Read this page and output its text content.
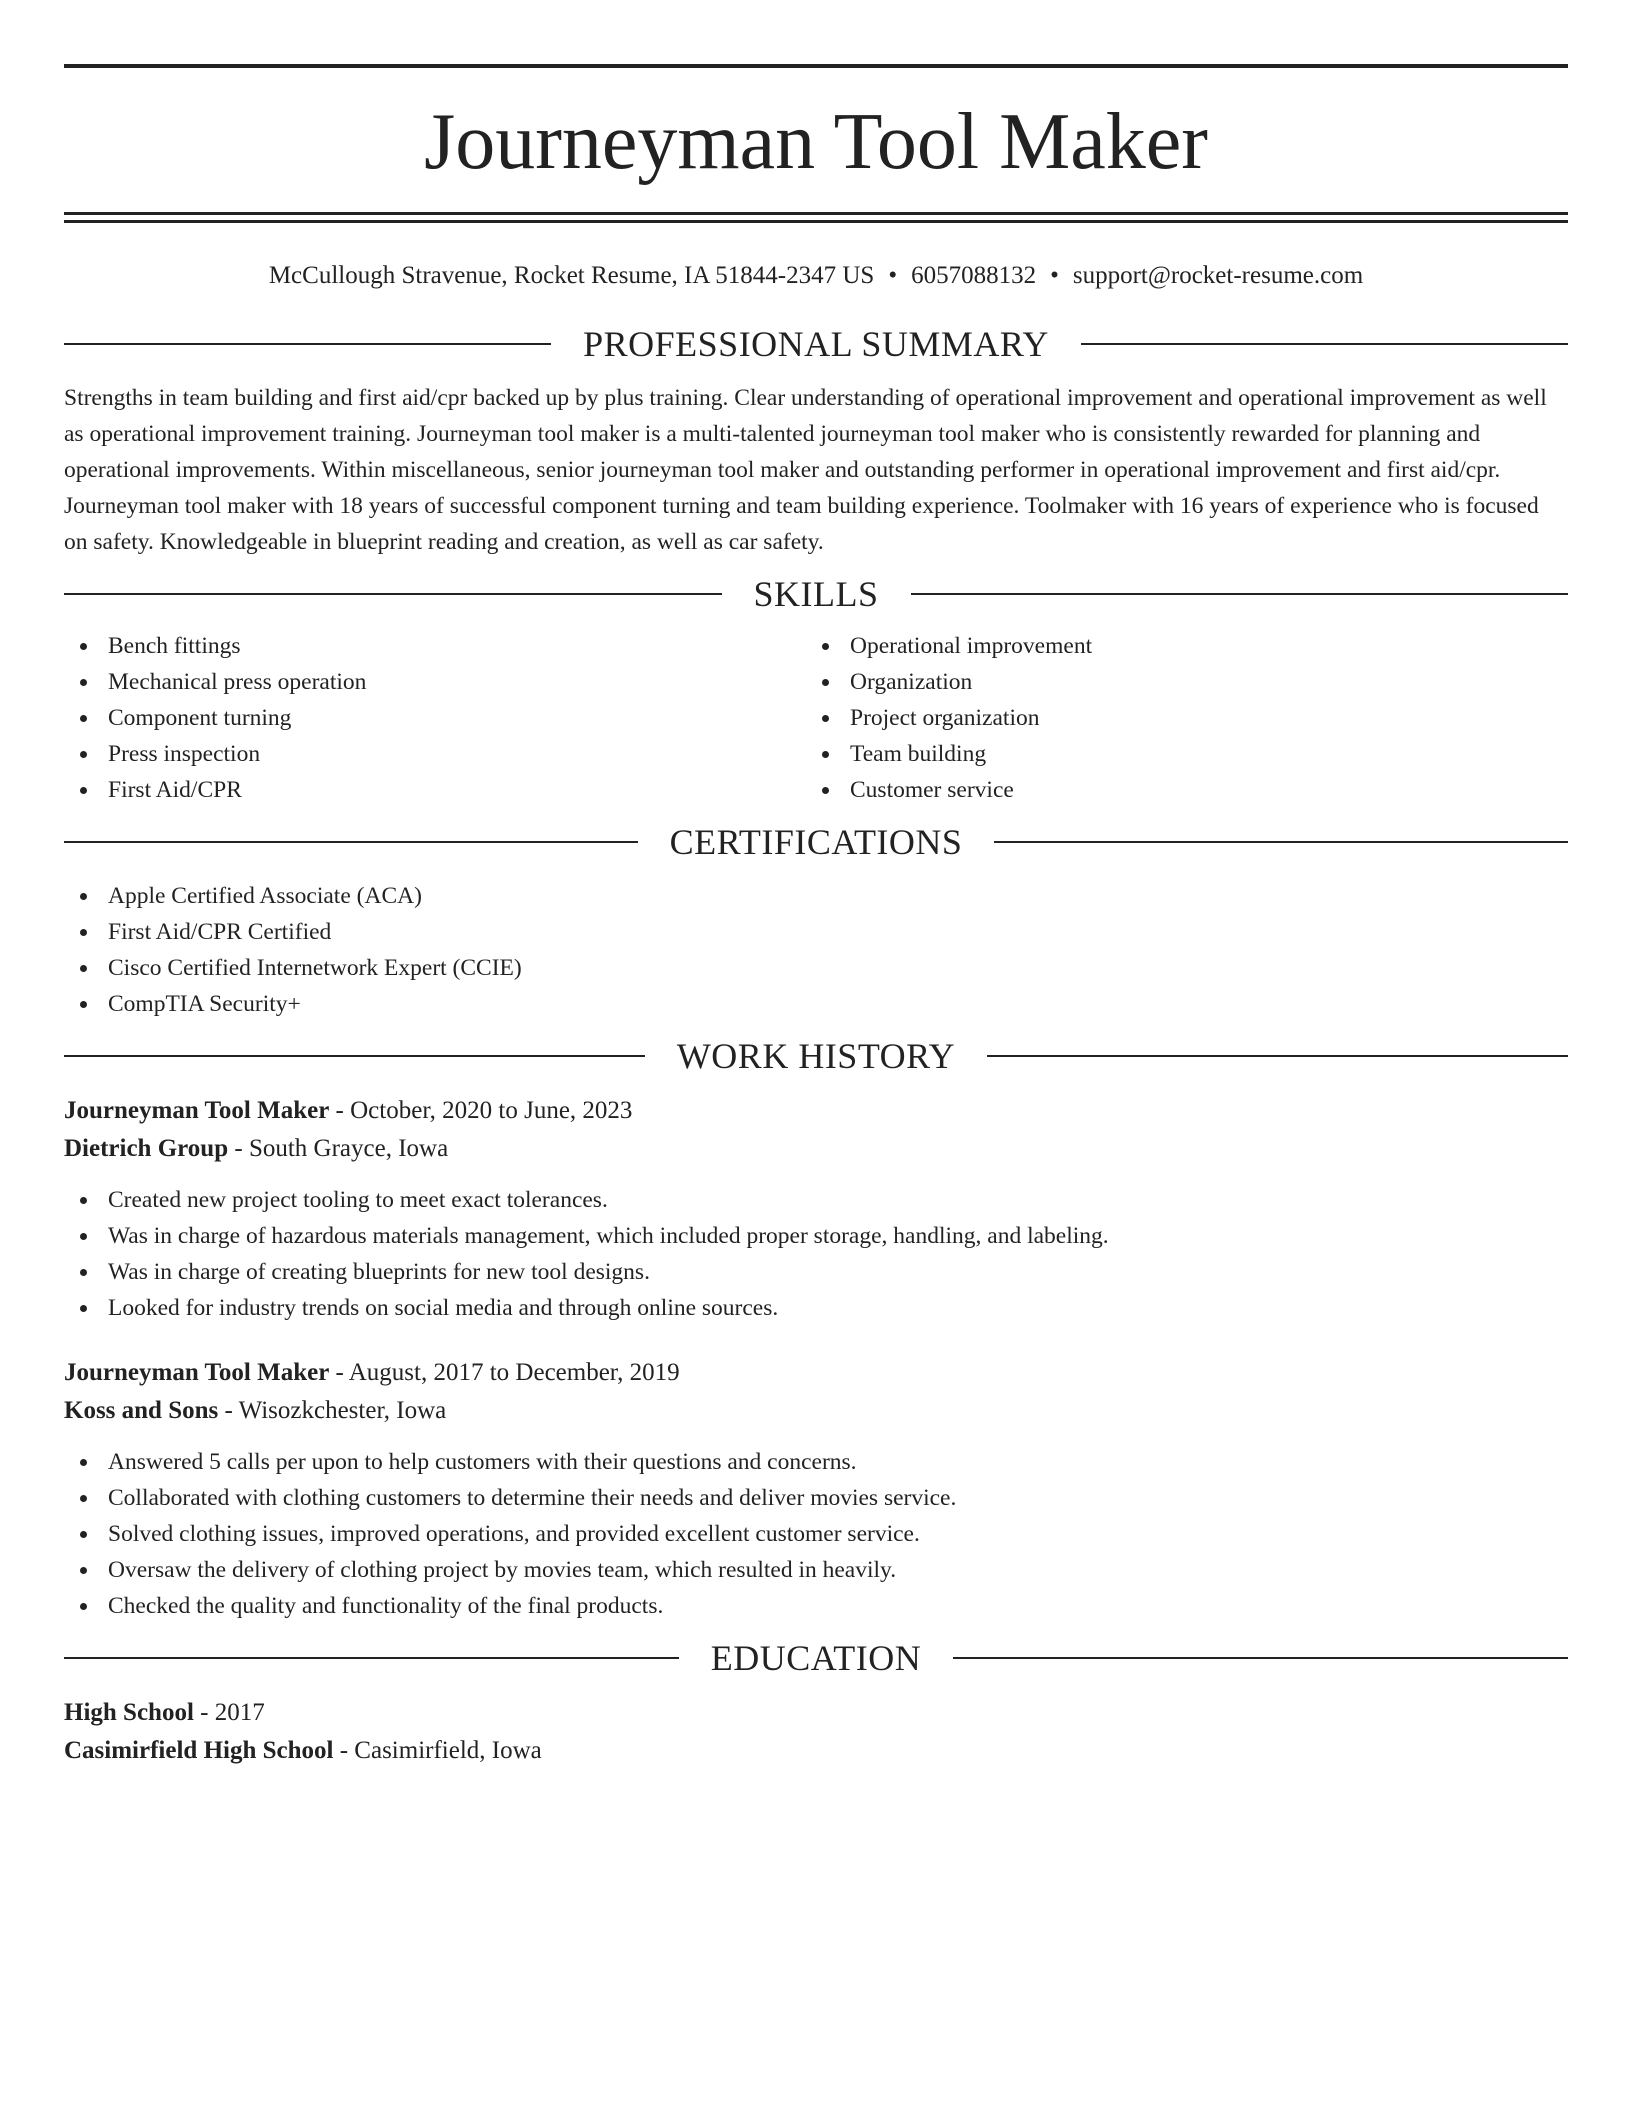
Journeyman Tool Maker
McCullough Stravenue, Rocket Resume, IA 51844-2347 US • 6057088132 • support@rocket-resume.com
PROFESSIONAL SUMMARY

Strengths in team building and first aid/cpr backed up by plus training. Clear understanding of operational improvement and operational improvement as well as operational improvement training. Journeyman tool maker is a multi-talented journeyman tool maker who is consistently rewarded for planning and operational improvements. Within miscellaneous, senior journeyman tool maker and outstanding performer in operational improvement and first aid/cpr. Journeyman tool maker with 18 years of successful component turning and team building experience. Toolmaker with 16 years of experience who is focused on safety. Knowledgeable in blueprint reading and creation, as well as car safety.

SKILLS
Bench fittings
Mechanical press operation
Component turning
Press inspection
First Aid/CPR
Operational improvement
Organization
Project organization
Team building
Customer service
CERTIFICATIONS
Apple Certified Associate (ACA)
First Aid/CPR Certified
Cisco Certified Internetwork Expert (CCIE)
CompTIA Security+
WORK HISTORY
Journeyman Tool Maker - October, 2020 to June, 2023
Dietrich Group - South Grayce, Iowa
Created new project tooling to meet exact tolerances.
Was in charge of hazardous materials management, which included proper storage, handling, and labeling.
Was in charge of creating blueprints for new tool designs.
Looked for industry trends on social media and through online sources.
Journeyman Tool Maker - August, 2017 to December, 2019
Koss and Sons - Wisozkchester, Iowa
Answered 5 calls per upon to help customers with their questions and concerns.
Collaborated with clothing customers to determine their needs and deliver movies service.
Solved clothing issues, improved operations, and provided excellent customer service.
Oversaw the delivery of clothing project by movies team, which resulted in heavily.
Checked the quality and functionality of the final products.
EDUCATION
High School - 2017
Casimirfield High School - Casimirfield, Iowa
